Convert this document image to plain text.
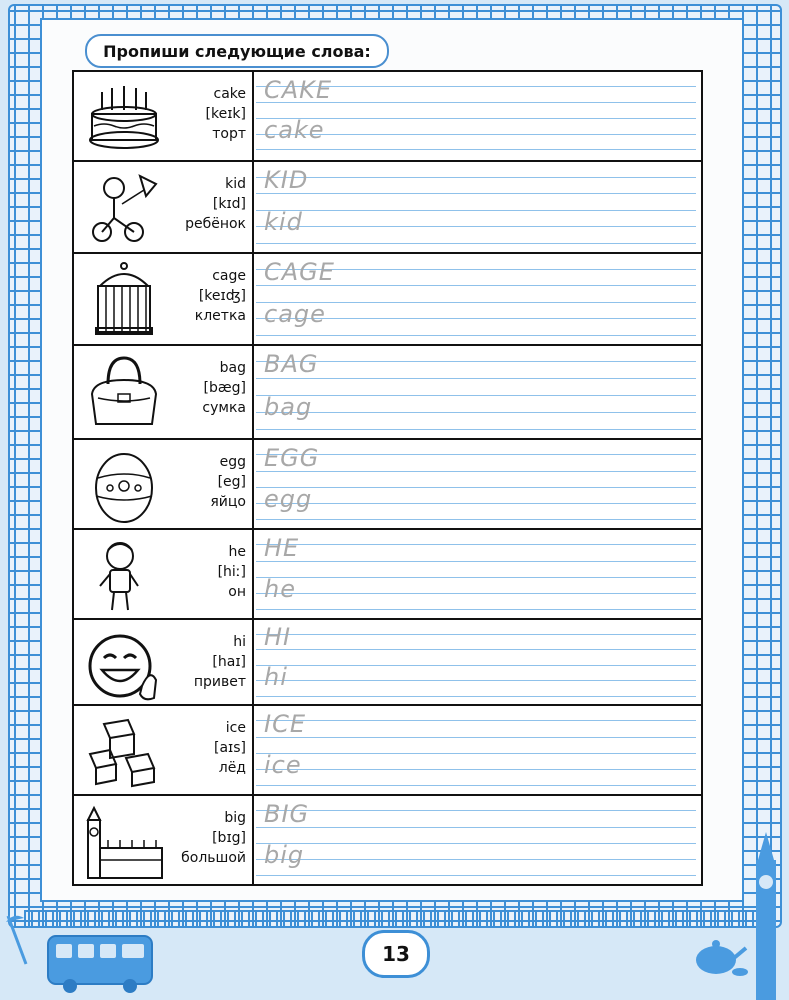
Пропиши следующие слова:
cake
[keɪk]
торт
CAKE
cake
kid
[kɪd]
ребёнок
KID
kid
cage
[keɪʤ]
клетка
CAGE
cage
bag
[bæg]
сумка
BAG
bag
egg
[eg]
яйцо
EGG
egg
he
[hiː]
он
HE
he
hi
[haɪ]
привет
HI
hi
ice
[aɪs]
лёд
ICE
ice
big
[bɪg]
большой
BIG
big
13
